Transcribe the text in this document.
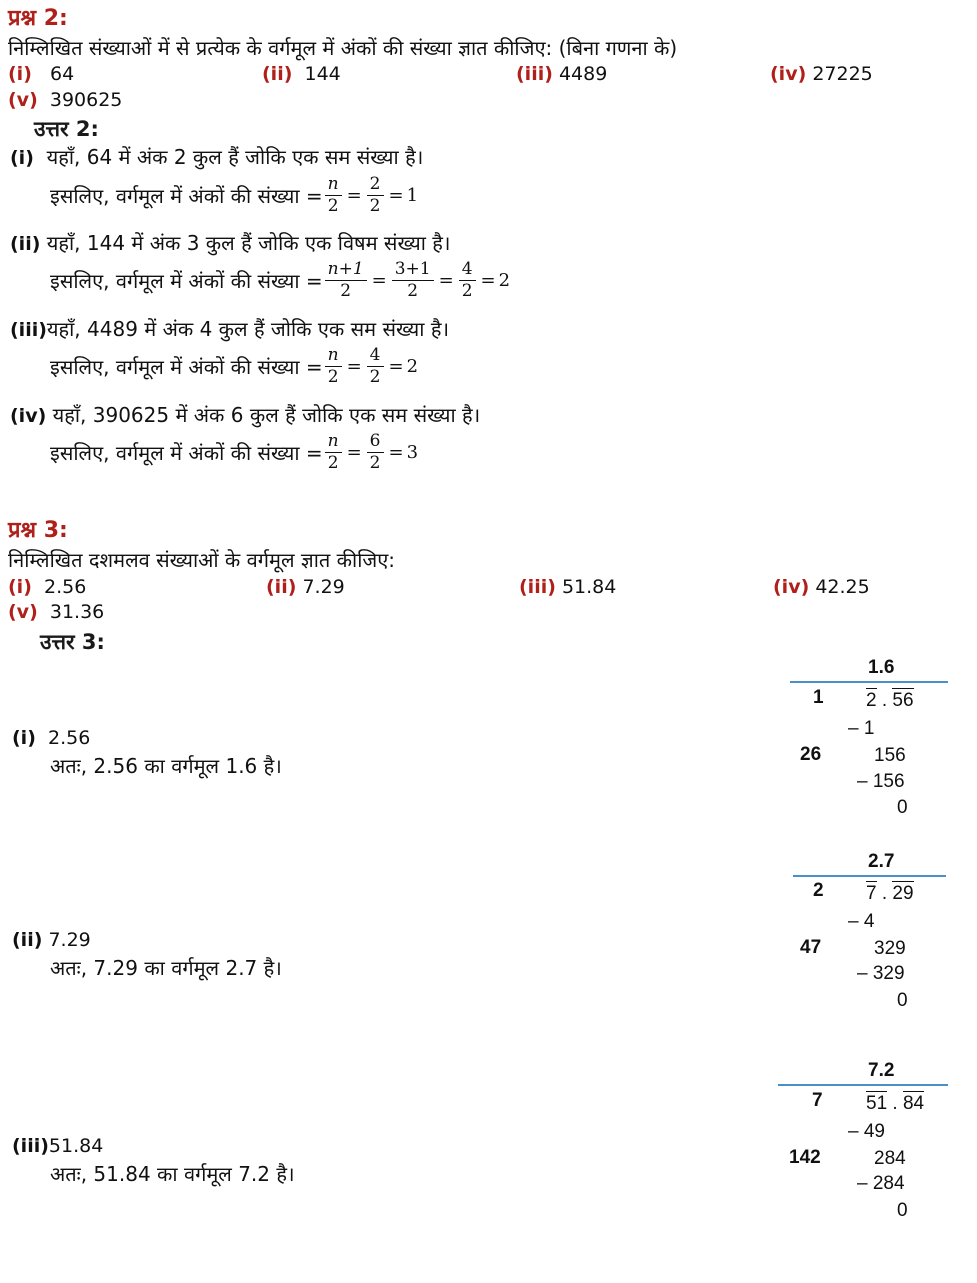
प्रश्न 2:
निम्लिखित संख्याओं में से प्रत्येक के वर्गमूल में अंकों की संख्या ज्ञात कीजिए: (बिना गणना के)
(i) 64	(ii) 144	(iii) 4489	(iv) 27225
(v) 390625
उत्तर 2:
(i) यहाँ, 64 में अंक 2 कुल हैं जोकि एक सम संख्या है।
इसलिए, वर्गमूल में अंकों की संख्या = $\frac{n}{2} = \frac{2}{2} = 1$
(ii) यहाँ, 144 में अंक 3 कुल हैं जोकि एक विषम संख्या है।
इसलिए, वर्गमूल में अंकों की संख्या = $\frac{n+1}{2} = \frac{3+1}{2} = \frac{4}{2} = 2$
(iii)यहाँ, 4489 में अंक 4 कुल हैं जोकि एक सम संख्या है।
इसलिए, वर्गमूल में अंकों की संख्या = $\frac{n}{2} = \frac{4}{2} = 2$
(iv) यहाँ, 390625 में अंक 6 कुल हैं जोकि एक सम संख्या है।
इसलिए, वर्गमूल में अंकों की संख्या = $\frac{n}{2} = \frac{6}{2} = 3$
प्रश्न 3:
निम्लिखित दशमलव संख्याओं के वर्गमूल ज्ञात कीजिए:
(i) 2.56	(ii) 7.29	(iii) 51.84	(iv) 42.25
(v) 31.36
उत्तर 3:
(i) 2.56
अतः, 2.56 का वर्गमूल 1.6 है।
1.6
1 2 . 56
– 1
26	156
– 156
0
(ii) 7.29
अतः, 7.29 का वर्गमूल 2.7 है।
2.7
2 7 . 29
– 4
47	329
– 329
0
(iii)51.84
अतः, 51.84 का वर्गमूल 7.2 है।
7.2
7 51 . 84
– 49
142	284
– 284
0
